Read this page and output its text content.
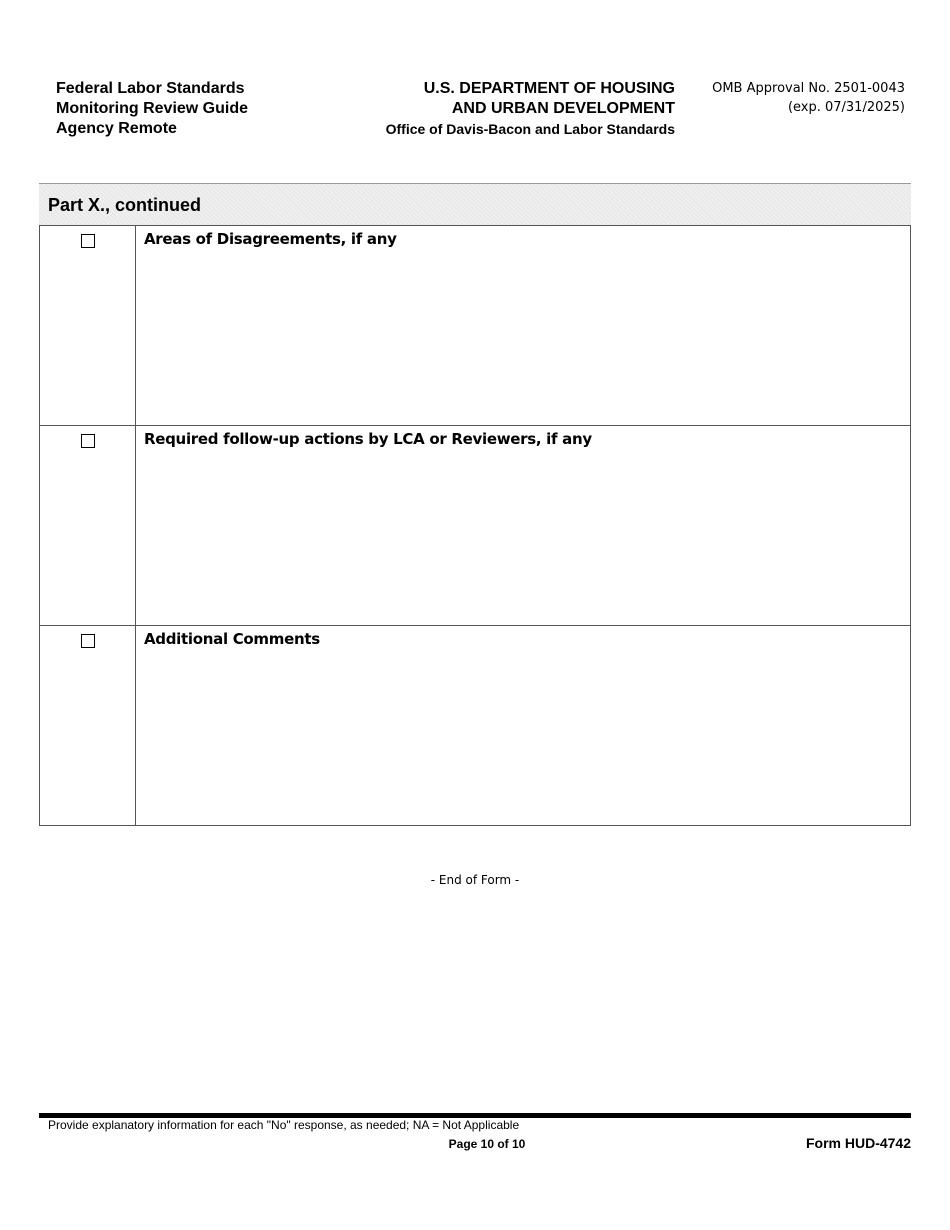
Federal Labor Standards
Monitoring Review Guide
Agency Remote
U.S. DEPARTMENT OF HOUSING
AND URBAN DEVELOPMENT
Office of Davis-Bacon and Labor Standards
OMB Approval No. 2501-0043
(exp. 07/31/2025)
Part X., continued

	Areas of Disagreements, if any

	Required follow-up actions by LCA or Reviewers, if any

	Additional Comments
- End of Form -
Provide explanatory information for each "No" response, as needed; NA = Not Applicable
Page 10 of 10	Form HUD-4742
